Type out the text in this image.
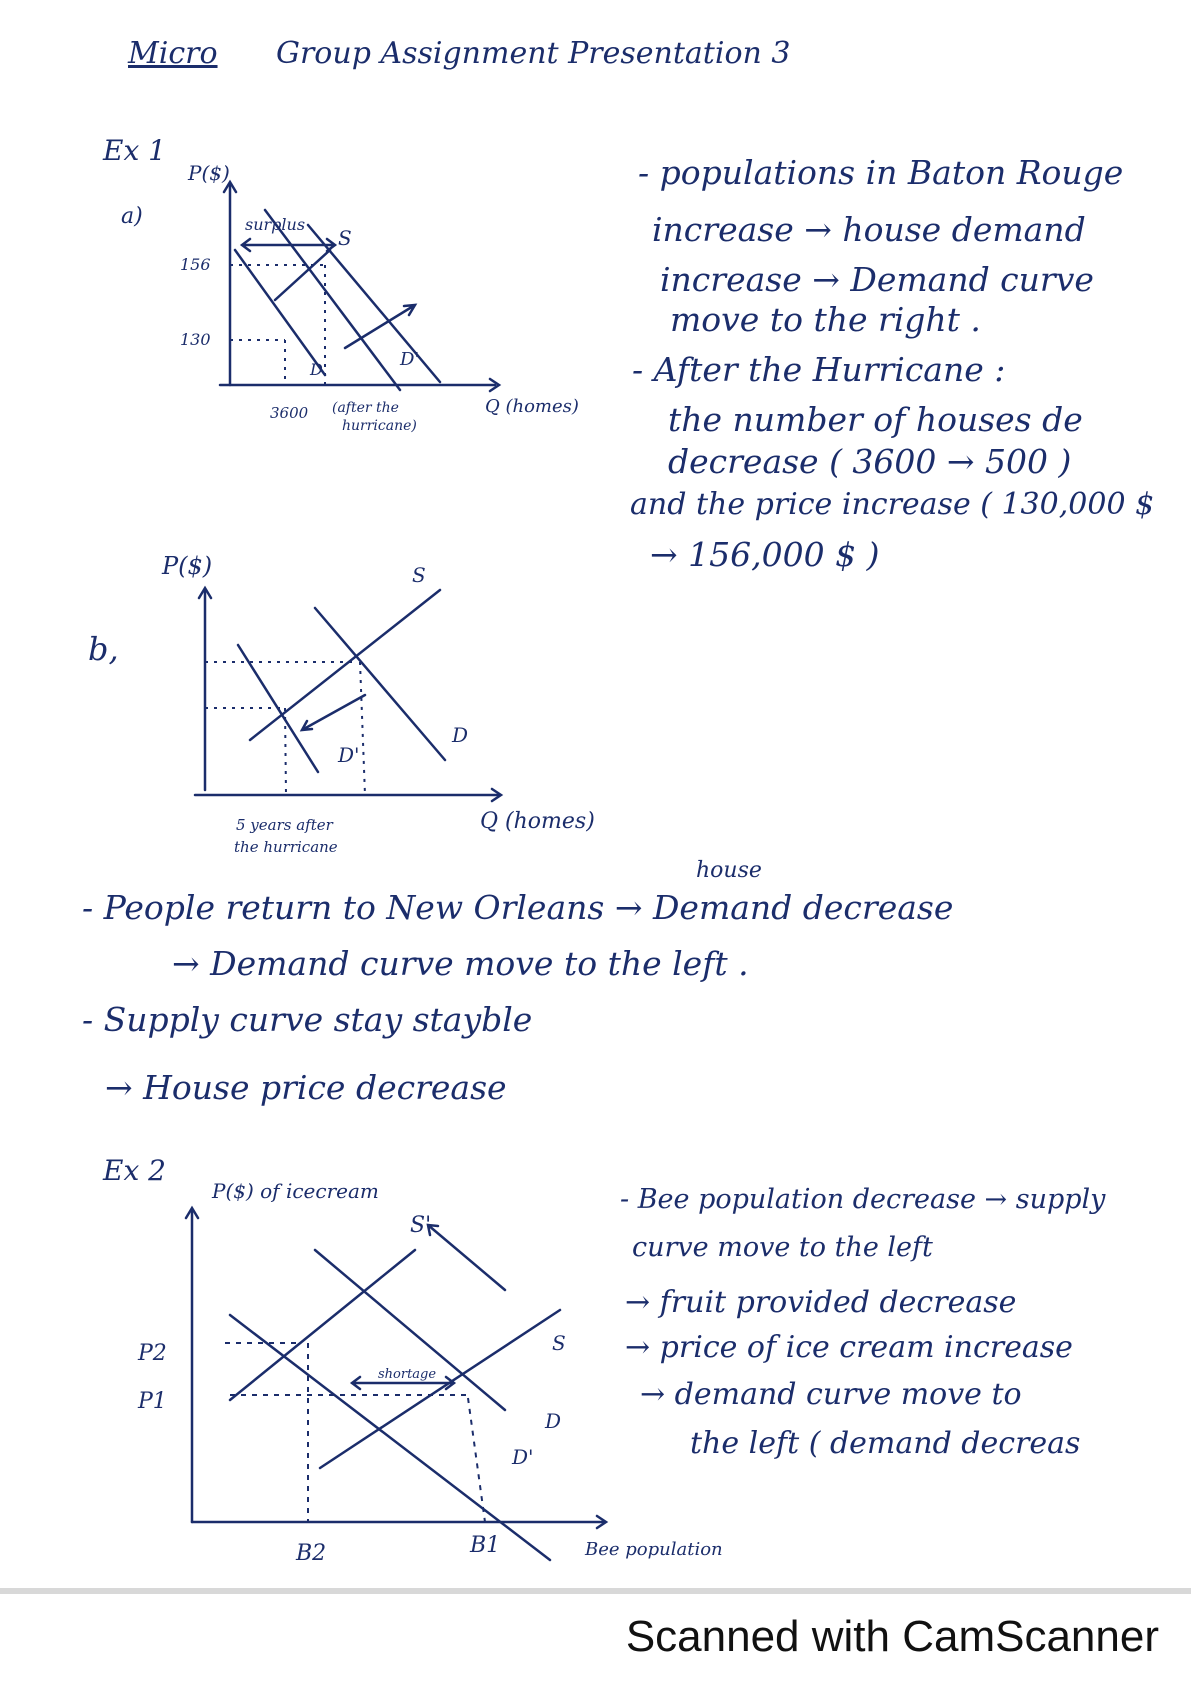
Micro Group Assignment Presentation 3
Ex 1
a)
P($)
surplus
156
130
S
D	D'
3600 (after the
hurricane)
Q (homes)
- populations in Baton Rouge
increase → house demand
increase → Demand curve
move to the right .
- After the Hurricane :
the number of houses de
decrease ( 3600 → 500 )
and the price increase ( 130,000 $
→ 156,000 $ )
b,
P($)	S
D
D'
5 years after
the hurricane
Q (homes)
house
- People return to New Orleans → Demand decrease
→ Demand curve move to the left .
- Supply curve stay stayble
→ House price decrease
Ex 2
P($) of icecream
S'
S
D
D'
shortage
P2
P1
B2	B1	Bee population
- Bee population decrease → supply
curve move to the left
→ fruit provided decrease
→ price of ice cream increase
→ demand curve move to
the left ( demand decreas
Scanned with CamScanner
